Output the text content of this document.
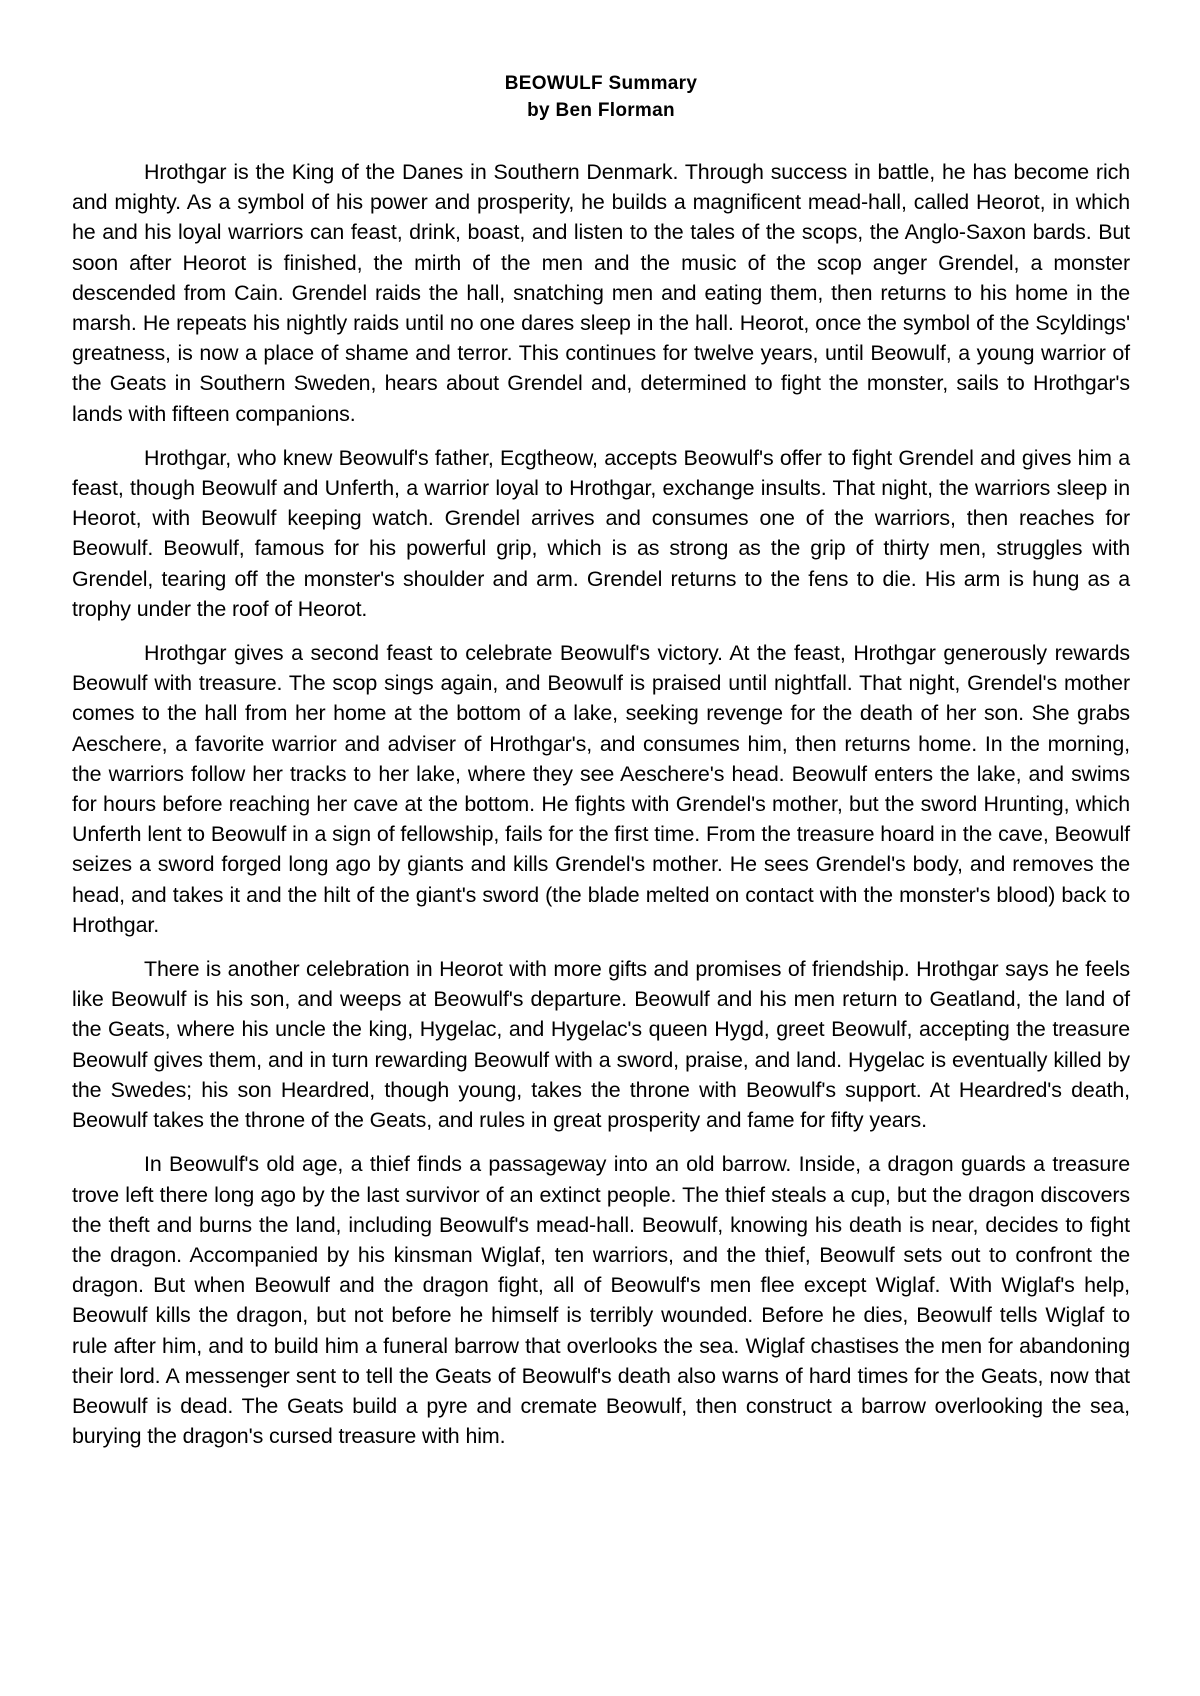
BEOWULF Summary
by Ben Florman

Hrothgar is the King of the Danes in Southern Denmark. Through success in battle, he has become rich and mighty. As a symbol of his power and prosperity, he builds a magnificent mead-hall, called Heorot, in which he and his loyal warriors can feast, drink, boast, and listen to the tales of the scops, the Anglo-Saxon bards. But soon after Heorot is finished, the mirth of the men and the music of the scop anger Grendel, a monster descended from Cain. Grendel raids the hall, snatching men and eating them, then returns to his home in the marsh. He repeats his nightly raids until no one dares sleep in the hall. Heorot, once the symbol of the Scyldings' greatness, is now a place of shame and terror. This continues for twelve years, until Beowulf, a young warrior of the Geats in Southern Sweden, hears about Grendel and, determined to fight the monster, sails to Hrothgar's lands with fifteen companions.

Hrothgar, who knew Beowulf's father, Ecgtheow, accepts Beowulf's offer to fight Grendel and gives him a feast, though Beowulf and Unferth, a warrior loyal to Hrothgar, exchange insults. That night, the warriors sleep in Heorot, with Beowulf keeping watch. Grendel arrives and consumes one of the warriors, then reaches for Beowulf. Beowulf, famous for his powerful grip, which is as strong as the grip of thirty men, struggles with Grendel, tearing off the monster's shoulder and arm. Grendel returns to the fens to die. His arm is hung as a trophy under the roof of Heorot.

Hrothgar gives a second feast to celebrate Beowulf's victory. At the feast, Hrothgar generously rewards Beowulf with treasure. The scop sings again, and Beowulf is praised until nightfall. That night, Grendel's mother comes to the hall from her home at the bottom of a lake, seeking revenge for the death of her son. She grabs Aeschere, a favorite warrior and adviser of Hrothgar's, and consumes him, then returns home. In the morning, the warriors follow her tracks to her lake, where they see Aeschere's head. Beowulf enters the lake, and swims for hours before reaching her cave at the bottom. He fights with Grendel's mother, but the sword Hrunting, which Unferth lent to Beowulf in a sign of fellowship, fails for the first time. From the treasure hoard in the cave, Beowulf seizes a sword forged long ago by giants and kills Grendel's mother. He sees Grendel's body, and removes the head, and takes it and the hilt of the giant's sword (the blade melted on contact with the monster's blood) back to Hrothgar.

There is another celebration in Heorot with more gifts and promises of friendship. Hrothgar says he feels like Beowulf is his son, and weeps at Beowulf's departure. Beowulf and his men return to Geatland, the land of the Geats, where his uncle the king, Hygelac, and Hygelac's queen Hygd, greet Beowulf, accepting the treasure Beowulf gives them, and in turn rewarding Beowulf with a sword, praise, and land. Hygelac is eventually killed by the Swedes; his son Heardred, though young, takes the throne with Beowulf's support. At Heardred's death, Beowulf takes the throne of the Geats, and rules in great prosperity and fame for fifty years.

In Beowulf's old age, a thief finds a passageway into an old barrow. Inside, a dragon guards a treasure trove left there long ago by the last survivor of an extinct people. The thief steals a cup, but the dragon discovers the theft and burns the land, including Beowulf's mead-hall. Beowulf, knowing his death is near, decides to fight the dragon. Accompanied by his kinsman Wiglaf, ten warriors, and the thief, Beowulf sets out to confront the dragon. But when Beowulf and the dragon fight, all of Beowulf's men flee except Wiglaf. With Wiglaf's help, Beowulf kills the dragon, but not before he himself is terribly wounded. Before he dies, Beowulf tells Wiglaf to rule after him, and to build him a funeral barrow that overlooks the sea. Wiglaf chastises the men for abandoning their lord. A messenger sent to tell the Geats of Beowulf's death also warns of hard times for the Geats, now that Beowulf is dead. The Geats build a pyre and cremate Beowulf, then construct a barrow overlooking the sea, burying the dragon's cursed treasure with him.
